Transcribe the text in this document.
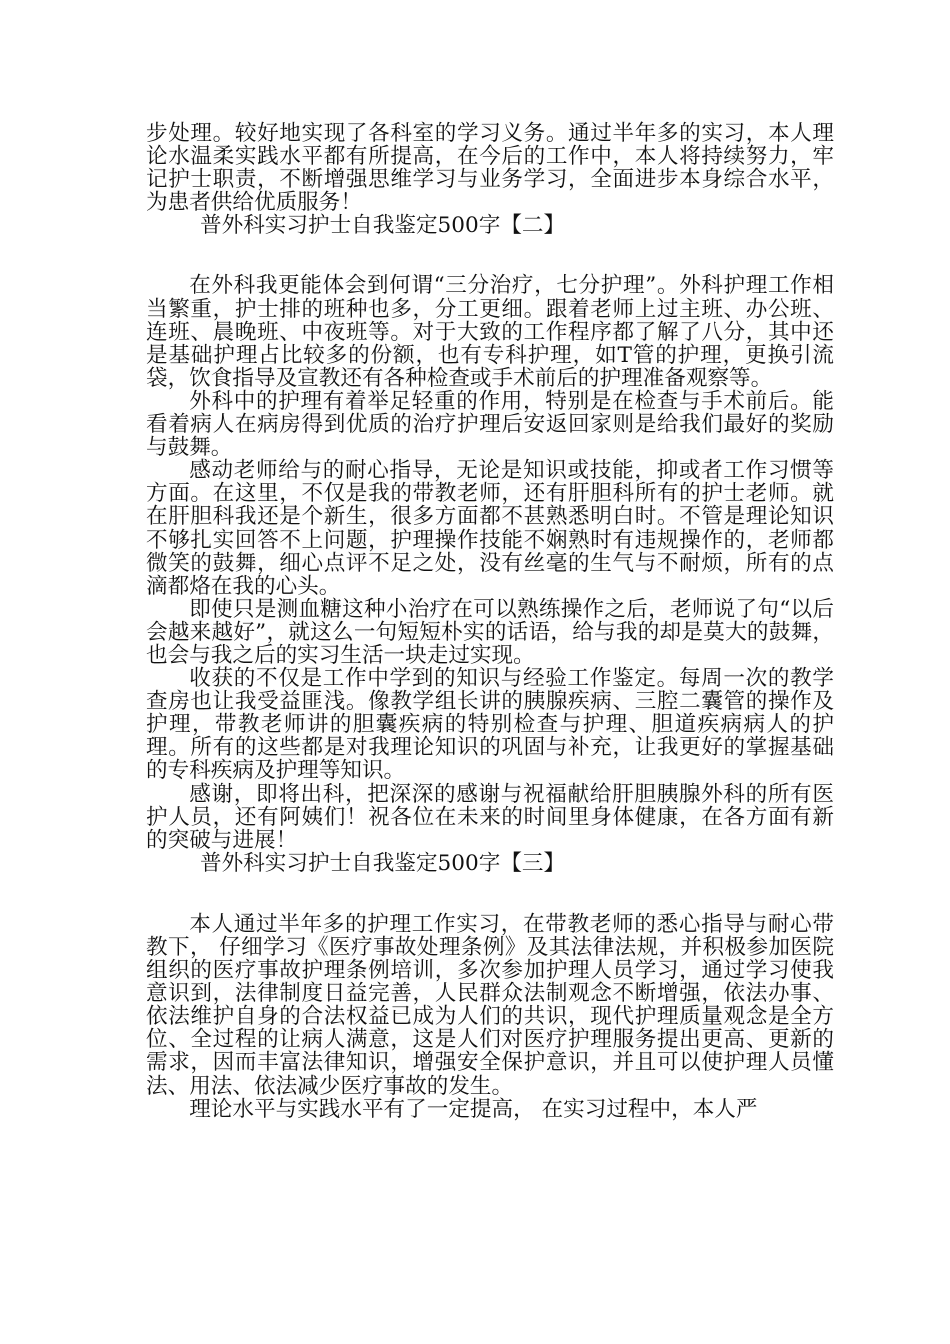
步处理。较好地实现了各科室的学习义务。通过半年多的实习，本人理论水温柔实践水平都有所提高，在今后的工作中，本人将持续努力，牢记护士职责，不断增强思维学习与业务学习，全面进步本身综合水平，为患者供给优质服务！

普外科实习护士自我鉴定500字【二】

在外科我更能体会到何谓“三分治疗，七分护理”。外科护理工作相当繁重，护士排的班种也多，分工更细。跟着老师上过主班、办公班、连班、晨晚班、中夜班等。对于大致的工作程序都了解了八分，其中还是基础护理占比较多的份额，也有专科护理，如T管的护理，更换引流袋，饮食指导及宣教还有各种检查或手术前后的护理准备观察等。

外科中的护理有着举足轻重的作用，特别是在检查与手术前后。能看着病人在病房得到优质的治疗护理后安返回家则是给我们最好的奖励与鼓舞。

感动老师给与的耐心指导，无论是知识或技能，抑或者工作习惯等方面。在这里，不仅是我的带教老师，还有肝胆科所有的护士老师。就在肝胆科我还是个新生，很多方面都不甚熟悉明白时。不管是理论知识不够扎实回答不上问题，护理操作技能不娴熟时有违规操作的，老师都微笑的鼓舞，细心点评不足之处，没有丝毫的生气与不耐烦，所有的点滴都烙在我的心头。

即使只是测血糖这种小治疗在可以熟练操作之后，老师说了句“以后会越来越好”，就这么一句短短朴实的话语，给与我的却是莫大的鼓舞，也会与我之后的实习生活一块走过实现。

收获的不仅是工作中学到的知识与经验工作鉴定。每周一次的教学查房也让我受益匪浅。像教学组长讲的胰腺疾病、三腔二囊管的操作及护理，带教老师讲的胆囊疾病的特别检查与护理、胆道疾病病人的护理。所有的这些都是对我理论知识的巩固与补充，让我更好的掌握基础的专科疾病及护理等知识。

感谢，即将出科，把深深的感谢与祝福献给肝胆胰腺外科的所有医护人员，还有阿姨们！祝各位在未来的时间里身体健康，在各方面有新的突破与进展！

普外科实习护士自我鉴定500字【三】

本人通过半年多的护理工作实习，在带教老师的悉心指导与耐心带教下， 仔细学习《医疗事故处理条例》及其法律法规，并积极参加医院组织的医疗事故护理条例培训，多次参加护理人员学习，通过学习使我意识到，法律制度日益完善，人民群众法制观念不断增强，依法办事、依法维护自身的合法权益已成为人们的共识，现代护理质量观念是全方位、全过程的让病人满意，这是人们对医疗护理服务提出更高、更新的需求，因而丰富法律知识，增强安全保护意识，并且可以使护理人员懂法、用法、依法减少医疗事故的发生。

理论水平与实践水平有了一定提高， 在实习过程中，本人严
